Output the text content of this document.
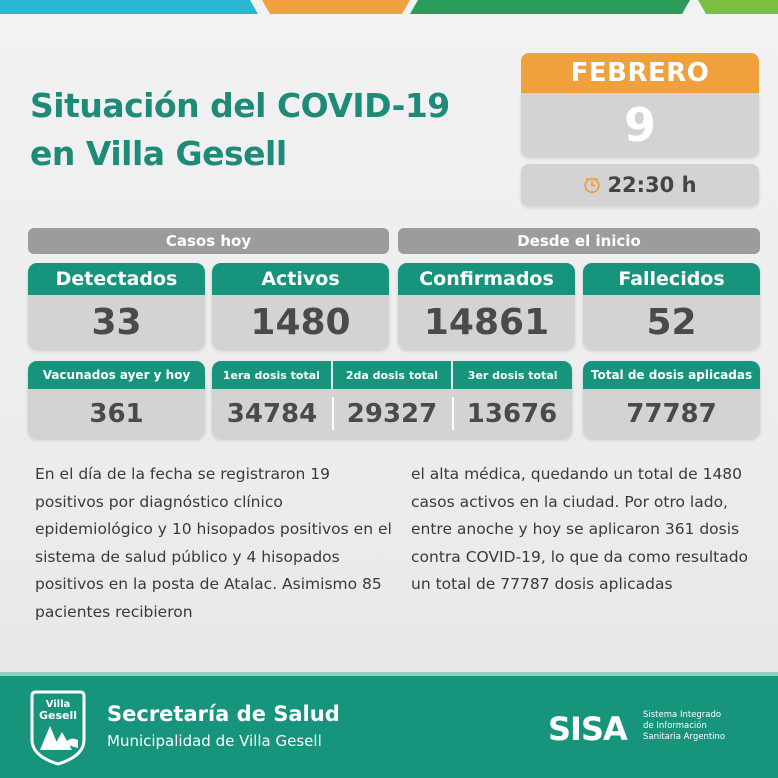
Situación del COVID-19
en Villa Gesell
FEBRERO
9
22:30 h
Casos hoy	Desde el inicio
Detectados
33
Activos
1480
Confirmados
14861
Fallecidos
52
Vacunados ayer y hoy
361
1era dosis total	2da dosis total	3er dosis total
34784	29327	13676
Total de dosis aplicadas
77787

En el día de la fecha se registraron 19 positivos por diagnóstico clínico epidemiológico y 10 hisopados positivos en el sistema de salud público y 4 hisopados positivos en la posta de Atalac. Asimismo 85 pacientes recibieron

el alta médica, quedando un total de 1480 casos activos en la ciudad. Por otro lado, entre anoche y hoy se aplicaron 361 dosis contra COVID-19, lo que da como resultado un total de 77787 dosis aplicadas

Villa
Gesell Secretaría de Salud
Municipalidad de Villa Gesell	SISA Sistema Integrado
de Información
Sanitaria Argentino
